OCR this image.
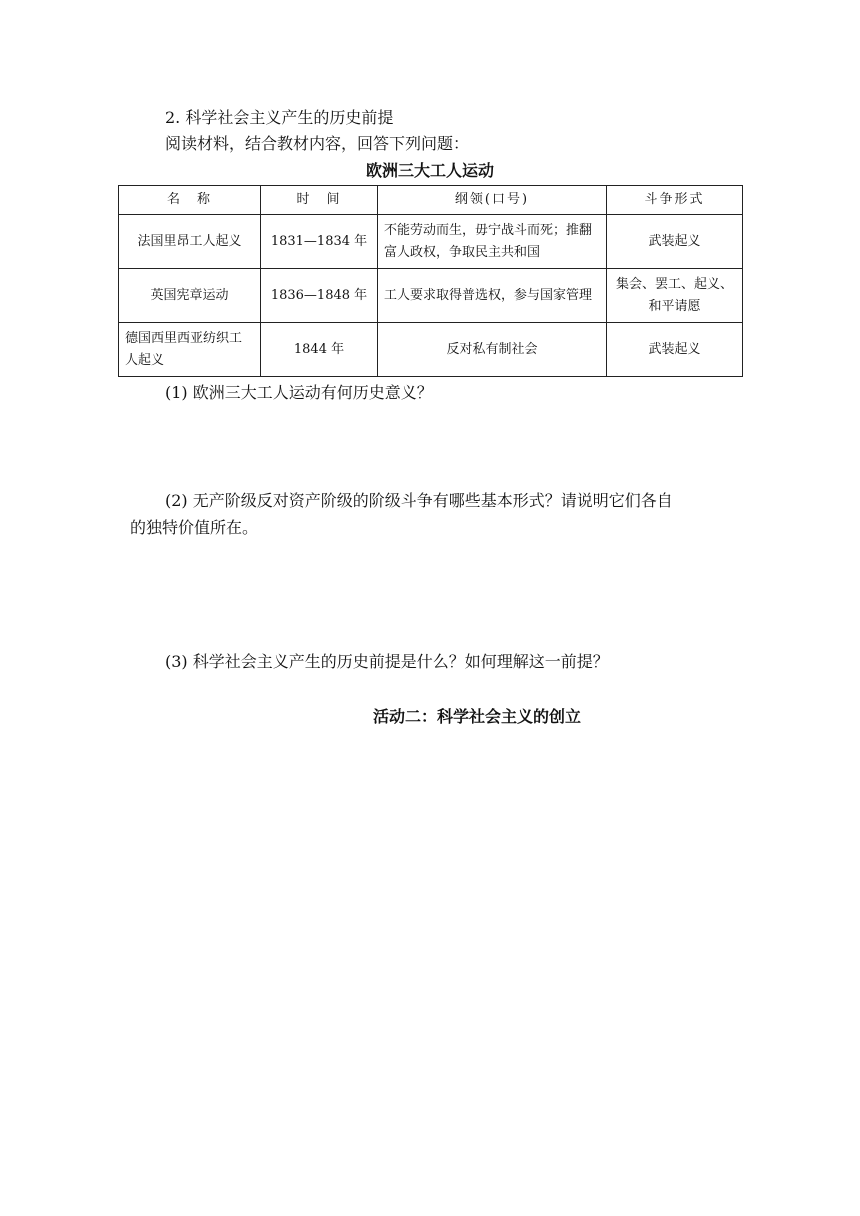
2. 科学社会主义产生的历史前提
阅读材料，结合教材内容，回答下列问题：
欧洲三大工人运动
名　称	时　间	纲领(口号)	斗争形式
法国里昂工人起义	1831—1834 年	不能劳动而生，毋宁战斗而死；推翻富人政权，争取民主共和国	武装起义
英国宪章运动	1836—1848 年	工人要求取得普选权，参与国家管理	集会、罢工、起义、和平请愿
德国西里西亚纺织工人起义	1844 年	反对私有制社会	武装起义
(1) 欧洲三大工人运动有何历史意义？
(2) 无产阶级反对资产阶级的阶级斗争有哪些基本形式？请说明它们各自
的独特价值所在。
(3) 科学社会主义产生的历史前提是什么？如何理解这一前提？
活动二：科学社会主义的创立
